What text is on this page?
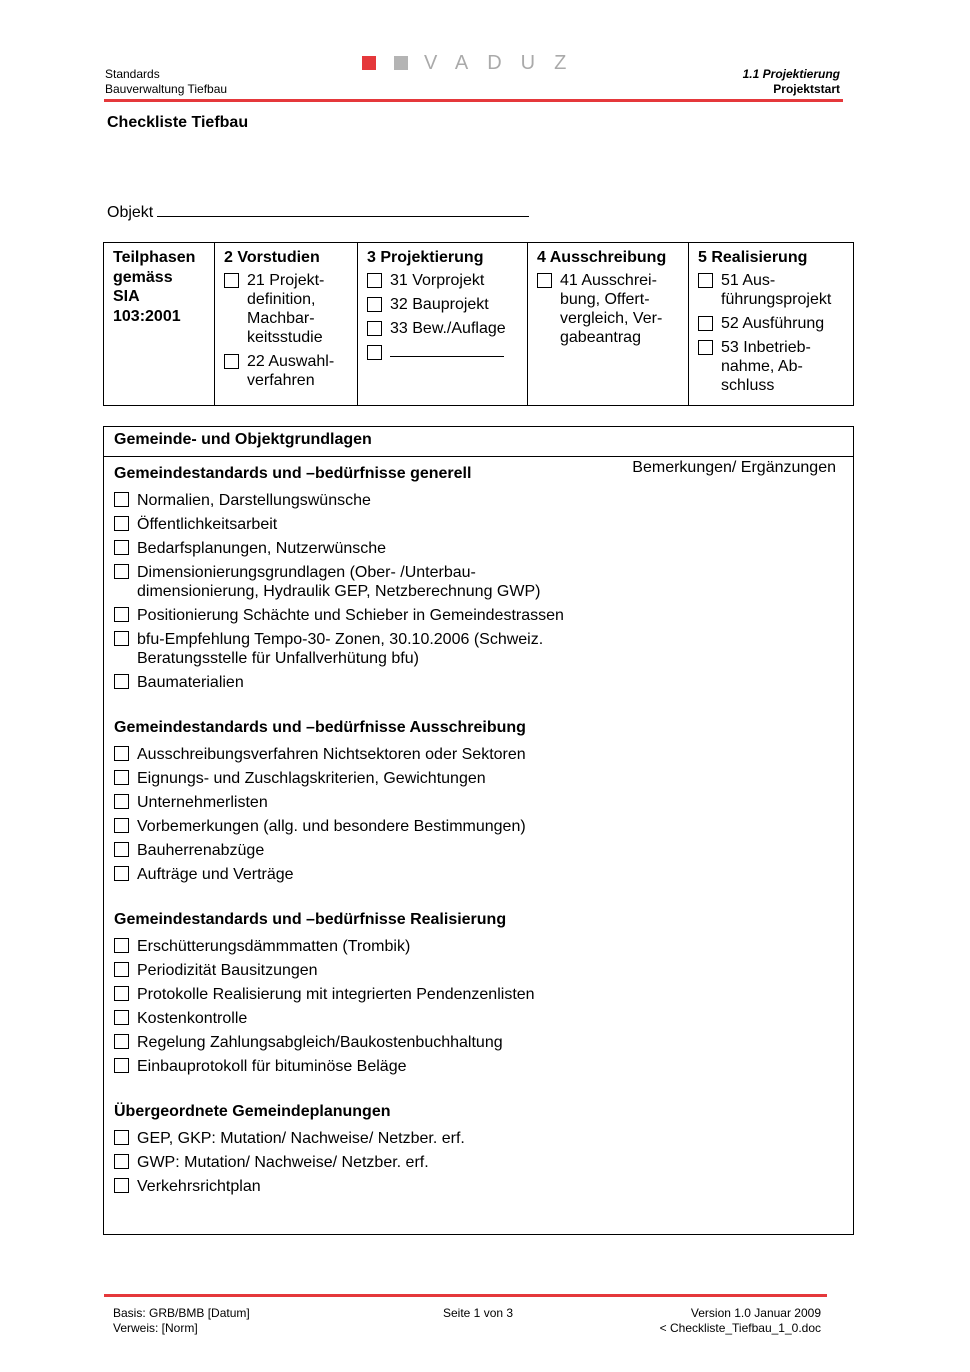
Standards
Bauverwaltung Tiefbau
VADUZ	1.1 Projektierung
Projektstart
Checkliste Tiefbau
Objekt
Teilphasen
gemäss
SIA
103:2001
2 Vorstudien
21 Projekt-
definition,
Machbar-
keitsstudie
22 Auswahl-
verfahren
3 Projektierung
31 Vorprojekt
32 Bauprojekt
33 Bew./Auflage
4 Ausschreibung
41 Ausschrei-
bung, Offert-
vergleich, Ver-
gabeantrag
5 Realisierung
51 Aus-
führungsprojekt
52 Ausführung
53 Inbetrieb-
nahme, Ab-
schluss
Gemeinde- und Objektgrundlagen
Bemerkungen/ Ergänzungen
Gemeindestandards und –bedürfnisse generell
Normalien, Darstellungswünsche
Öffentlichkeitsarbeit
Bedarfsplanungen, Nutzerwünsche
Dimensionierungsgrundlagen (Ober- /Unterbau-
dimensionierung, Hydraulik GEP, Netzberechnung GWP)
Positionierung Schächte und Schieber in Gemeindestrassen
bfu-Empfehlung Tempo-30- Zonen, 30.10.2006 (Schweiz.
Beratungsstelle für Unfallverhütung bfu)
Baumaterialien
Gemeindestandards und –bedürfnisse Ausschreibung
Ausschreibungsverfahren Nichtsektoren oder Sektoren
Eignungs- und Zuschlagskriterien, Gewichtungen
Unternehmerlisten
Vorbemerkungen (allg. und besondere Bestimmungen)
Bauherrenabzüge
Aufträge und Verträge
Gemeindestandards und –bedürfnisse Realisierung
Erschütterungsdämmmatten (Trombik)
Periodizität Bausitzungen
Protokolle Realisierung mit integrierten Pendenzenlisten
Kostenkontrolle
Regelung Zahlungsabgleich/Baukostenbuchhaltung
Einbauprotokoll für bituminöse Beläge
Übergeordnete Gemeindeplanungen
GEP, GKP: Mutation/ Nachweise/ Netzber. erf.
GWP: Mutation/ Nachweise/ Netzber. erf.
Verkehrsrichtplan
Basis: GRB/BMB [Datum]
Verweis: [Norm]
Seite 1 von 3	Version 1.0 Januar 2009
< Checkliste_Tiefbau_1_0.doc
